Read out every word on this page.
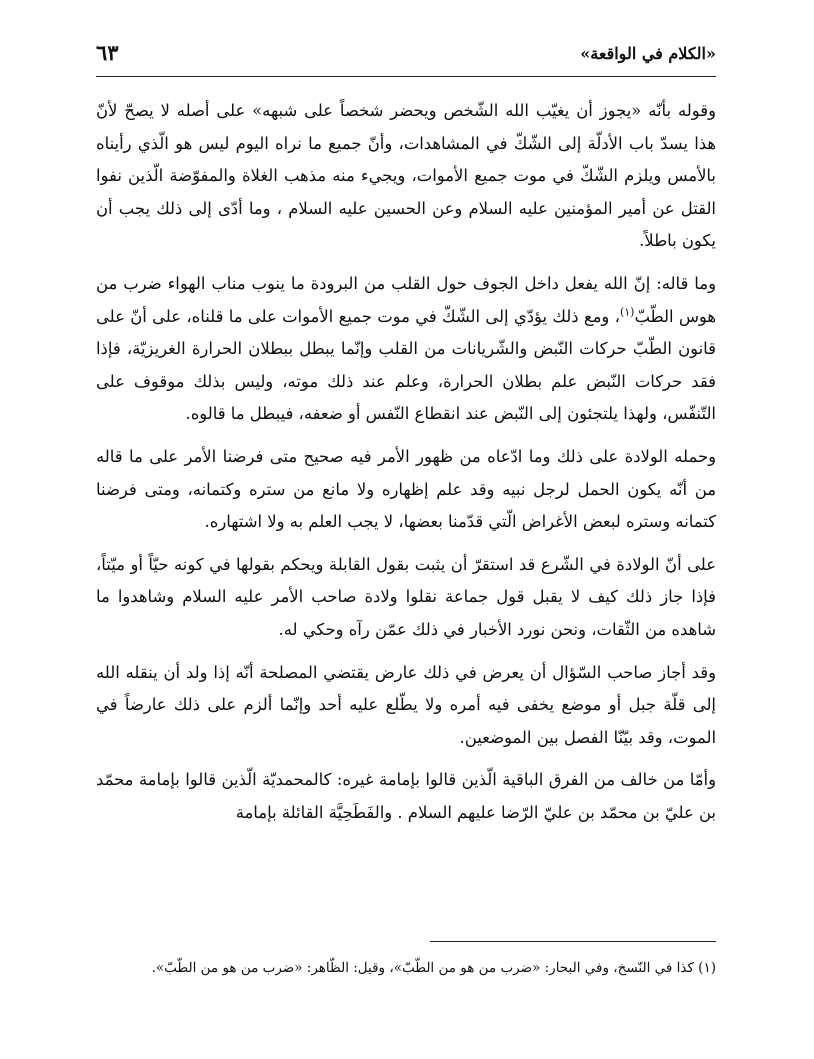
«الكلام في الواقعة»
٦٣

وقوله بأنّه «يجوز أن يغيّب الله الشّخص ويحضر شخصاً على شبهه» على أصله لا يصحّ لأنّ هذا يسدّ باب الأدلّة إلى الشّكّ في المشاهدات، وأنّ جميع ما نراه اليوم ليس هو الّذي رأيناه بالأمس ويلزم الشّكّ في موت جميع الأموات، ويجيء منه مذهب الغلاة والمفوّضة الّذين نفوا القتل عن أمير المؤمنين عليه السلام وعن الحسين عليه السلام ، وما أدّى إلى ذلك يجب أن يكون باطلاً.

وما قاله: إنّ الله يفعل داخل الجوف حول القلب من البرودة ما ينوب مناب الهواء ضرب من هوس الطّبّ$^{(١)}$، ومع ذلك يؤدّي إلى الشّكّ في موت جميع الأموات على ما قلناه، على أنّ على قانون الطّبّ حركات النّبض والشّريانات من القلب وإنّما يبطل ببطلان الحرارة الغريزيّة، فإذا فقد حركات النّبض علم بطلان الحرارة، وعلم عند ذلك موته، وليس بذلك موقوف على التّنفّس، ولهذا يلتجئون إلى النّبض عند انقطاع النّفس أو ضعفه، فيبطل ما قالوه.

وحمله الولادة على ذلك وما ادّعاه من ظهور الأمر فيه صحيح متى فرضنا الأمر على ما قاله من أنّه يكون الحمل لرجل نبيه وقد علم إظهاره ولا مانع من ستره وكتمانه، ومتى فرضنا كتمانه وستره لبعض الأغراض الّتي قدّمنا بعضها، لا يجب العلم به ولا اشتهاره.

على أنّ الولادة في الشّرع قد استقرّ أن يثبت بقول القابلة ويحكم بقولها في كونه حيّاً أو ميّتاً، فإذا جاز ذلك كيف لا يقبل قول جماعة نقلوا ولادة صاحب الأمر عليه السلام وشاهدوا ما شاهده من الثّقات، ونحن نورد الأخبار في ذلك عمّن رآه وحكي له.

وقد أجاز صاحب السّؤال أن يعرض في ذلك عارض يقتضي المصلحة أنّه إذا ولد أن ينقله الله إلى قلّة جبل أو موضع يخفى فيه أمره ولا يطّلع عليه أحد وإنّما ألزم على ذلك عارضاً في الموت، وقد بيّنّا الفصل بين الموضعين.

وأمّا من خالف من الفرق الباقية الّذين قالوا بإمامة غيره: كالمحمديّة الّذين قالوا بإمامة محمّد بن عليّ بن محمّد بن عليّ الرّضا عليهم السلام . والفَطَحِيَّة القائلة بإمامة

(١) كذا في النّسخ، وفي البحار: «ضرب من هو من الطّبّ»، وقيل: الظّاهر: «ضرب من هو من الطّبّ».
